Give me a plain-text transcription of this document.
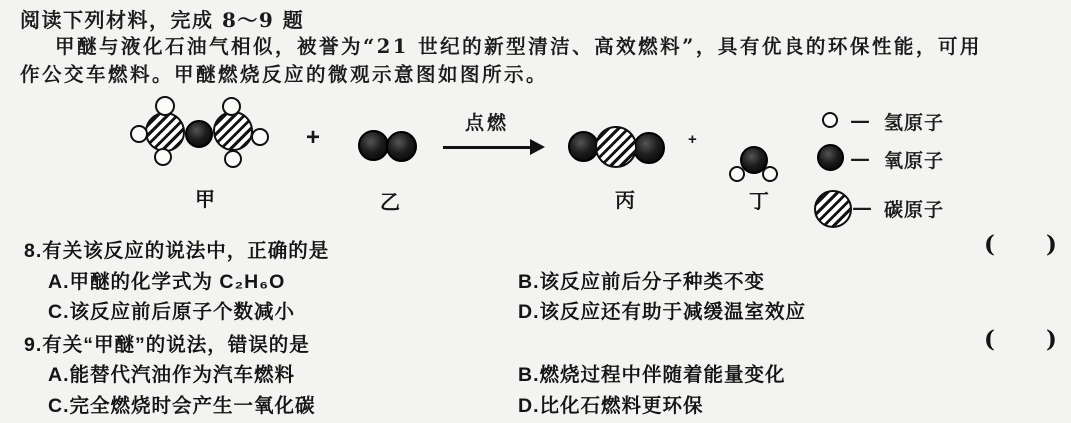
阅读下列材料，完成 8～9 题
甲醚与液化石油气相似，被誉为“21 世纪的新型清洁、高效燃料”，具有优良的环保性能，可用
作公交车燃料。甲醚燃烧反应的微观示意图如图所示。
甲
+
乙
点燃
丙
+
丁
— 氢原子
— 氧原子
— 碳原子
8.有关该反应的说法中，正确的是	( )
A.甲醚的化学式为 C₂H₆O	B.该反应前后分子种类不变
C.该反应前后原子个数减小	D.该反应还有助于减缓温室效应
9.有关“甲醚”的说法，错误的是	( )
A.能替代汽油作为汽车燃料	B.燃烧过程中伴随着能量变化
C.完全燃烧时会产生一氧化碳	D.比化石燃料更环保
